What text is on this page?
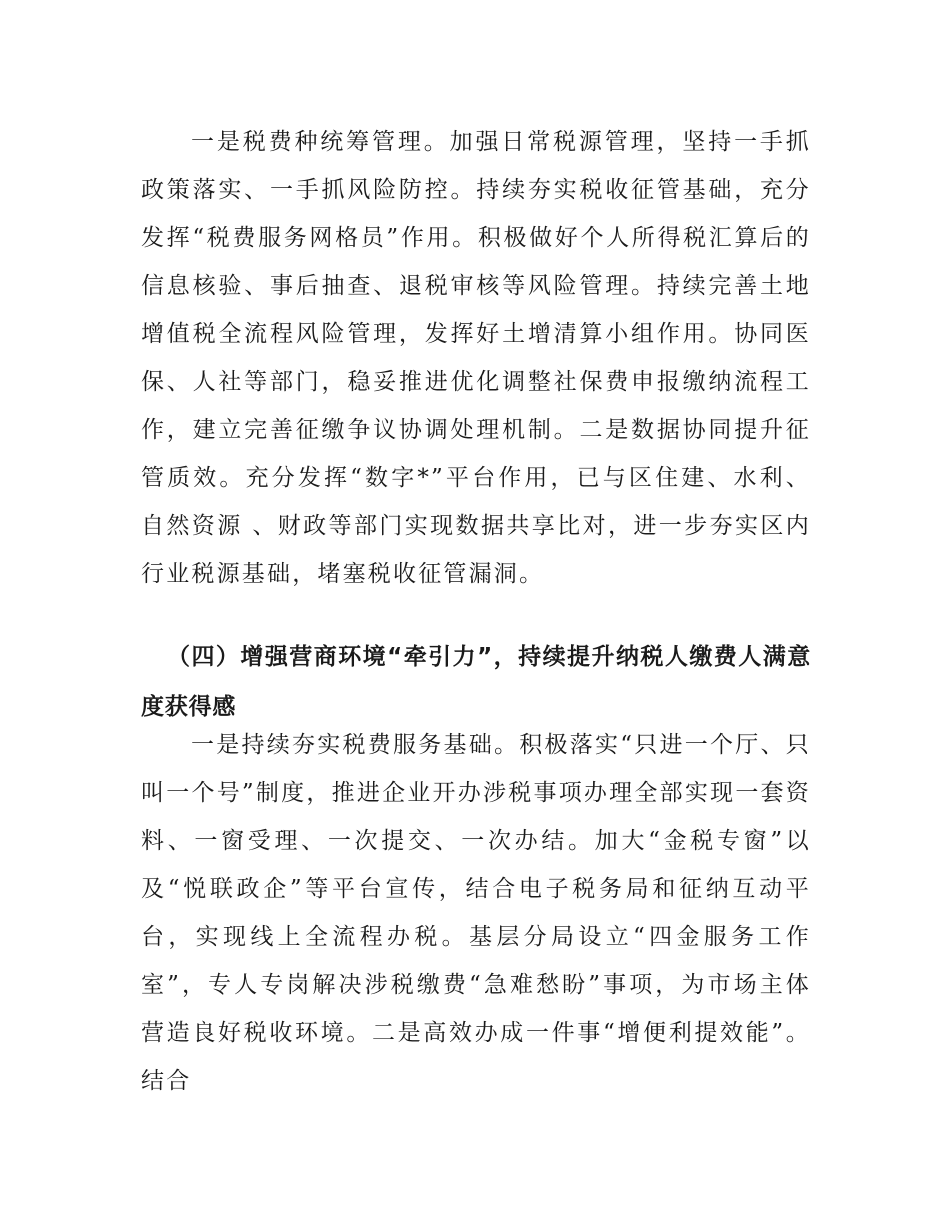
一是税费种统筹管理。加强日常税源管理，坚持一手抓政策落实、一手抓风险防控。持续夯实税收征管基础，充分发挥“税费服务网格员”作用。积极做好个人所得税汇算后的信息核验、事后抽查、退税审核等风险管理。持续完善土地增值税全流程风险管理，发挥好土增清算小组作用。协同医保、人社等部门，稳妥推进优化调整社保费申报缴纳流程工作，建立完善征缴争议协调处理机制。二是数据协同提升征管质效。充分发挥“数字*”平台作用，已与区住建、水利、自然资源 、财政等部门实现数据共享比对，进一步夯实区内行业税源基础，堵塞税收征管漏洞。

（四）增强营商环境“牵引力”，持续提升纳税人缴费人满意度获得感

一是持续夯实税费服务基础。积极落实“只进一个厅、只叫一个号”制度，推进企业开办涉税事项办理全部实现一套资料、一窗受理、一次提交、一次办结。加大“金税专窗”以及“悦联政企”等平台宣传，结合电子税务局和征纳互动平台，实现线上全流程办税。基层分局设立“四金服务工作室”，专人专岗解决涉税缴费“急难愁盼”事项，为市场主体营造良好税收环境。二是高效办成一件事“增便利提效能”。结合
